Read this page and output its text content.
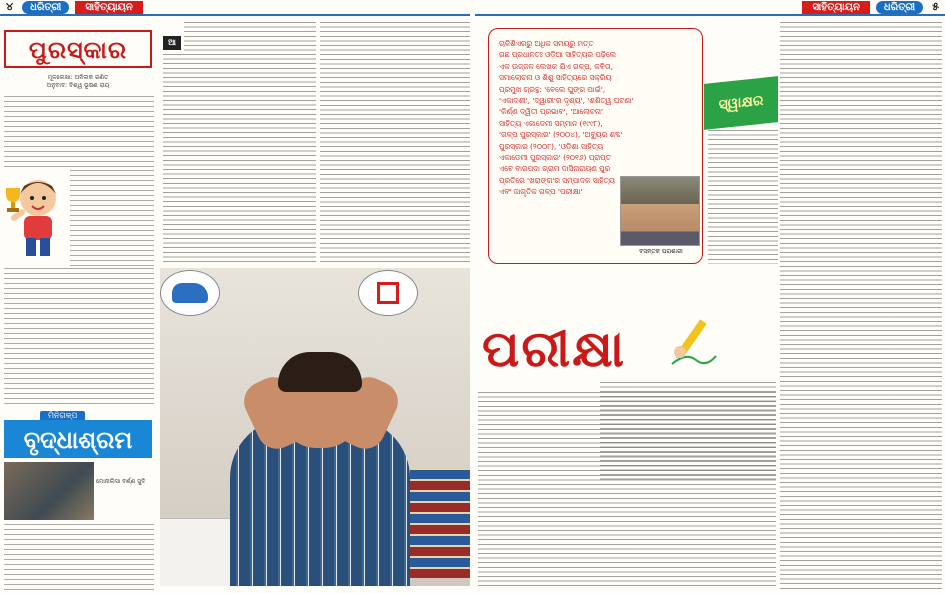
୪	ଧରିତ୍ରୀ	ସାହିତ୍ୟାୟନ	ସାହିତ୍ୟାୟନ	ଧରିତ୍ରୀ	୫
ପୁରସ୍କାର
ମୂଳଲେଖା: ଅନିଲକ ରଣିତ
ଅନୁବାଦ: ବିଶ୍ୱ ଭୂଷଣ ରାୟ
ମିନିଗଳ୍ପ
ବୃଦ୍ଧାଶ୍ରମ
ମୋନାଲିସା ବର୍ଣ୍ଣ ସୁଦି
ଆ	ଚାଳିଶିଏରରୁ ଅଧିକ ସମୟରୁ ମତ୍ତ

ଗଛ ପ୍ରଧାନତଃ ଓଡ଼ିଆ ସାହିତ୍ୟର ପଢ଼ିଲେ

ଏକ ଉଜ୍ଜଳ ଲେଖକ ଯିଏ ଗଳ୍ପ, କବିତା,

ସମାଲୋଚନା ଓ ଶିଶୁ ସାହିତ୍ୟରେ ସକ୍ରିୟ

ପ୍ରମୁଖ ଗ୍ରନ୍ଥ: 'ବେଲେ ଘୁଙ୍ଗ ପାଇଁ',

'ଏକାଦଶୀ', 'ଦ୍ୱାରୀ'ର ଦୃଶ୍ୟ', 'ଶଶିତ୍ୱ ଘଟଣା'

'କିର୍ଣ୍ଣ ଦ୍ୱିତୀ ପ୍ରଭାବ', 'ଆଲୋଚନା'

ସାହିତ୍ୟ ଏକାଡେମୀ ସମ୍ମାନ (୧୯୯୮),

'ଗଳ୍ପ ପୁରସ୍କାର' (୨୦୦୪), 'ଅବ୍ୟୁର ଶବ୍ଦ'

ପୁରସ୍କାର (୨୦୦୮), 'ଓଡ଼ିଶା ସାହିତ୍ୟ

ଏକାଡେମୀ ପୁରସ୍କାର' (୨୦୧୬) ପ୍ରାପ୍ତ

ଏବେ ବାରପଦା ଗ୍ରାମ ଦାସିନାରାୟଣ ପୁର

ପ୍ରତିରେ 'ଖରାଙ୍ଗ'ର ସମ୍ପାଦକ ସାହିତ୍ୟ

ଏବଂ ଜାଗୃତିକ ଗଳ୍ପ 'ପରୀକ୍ଷା'

ସ୍ୱାକ୍ଷର
ବସନ୍ତକ ପରାଶାରୀ
ପରୀକ୍ଷା
